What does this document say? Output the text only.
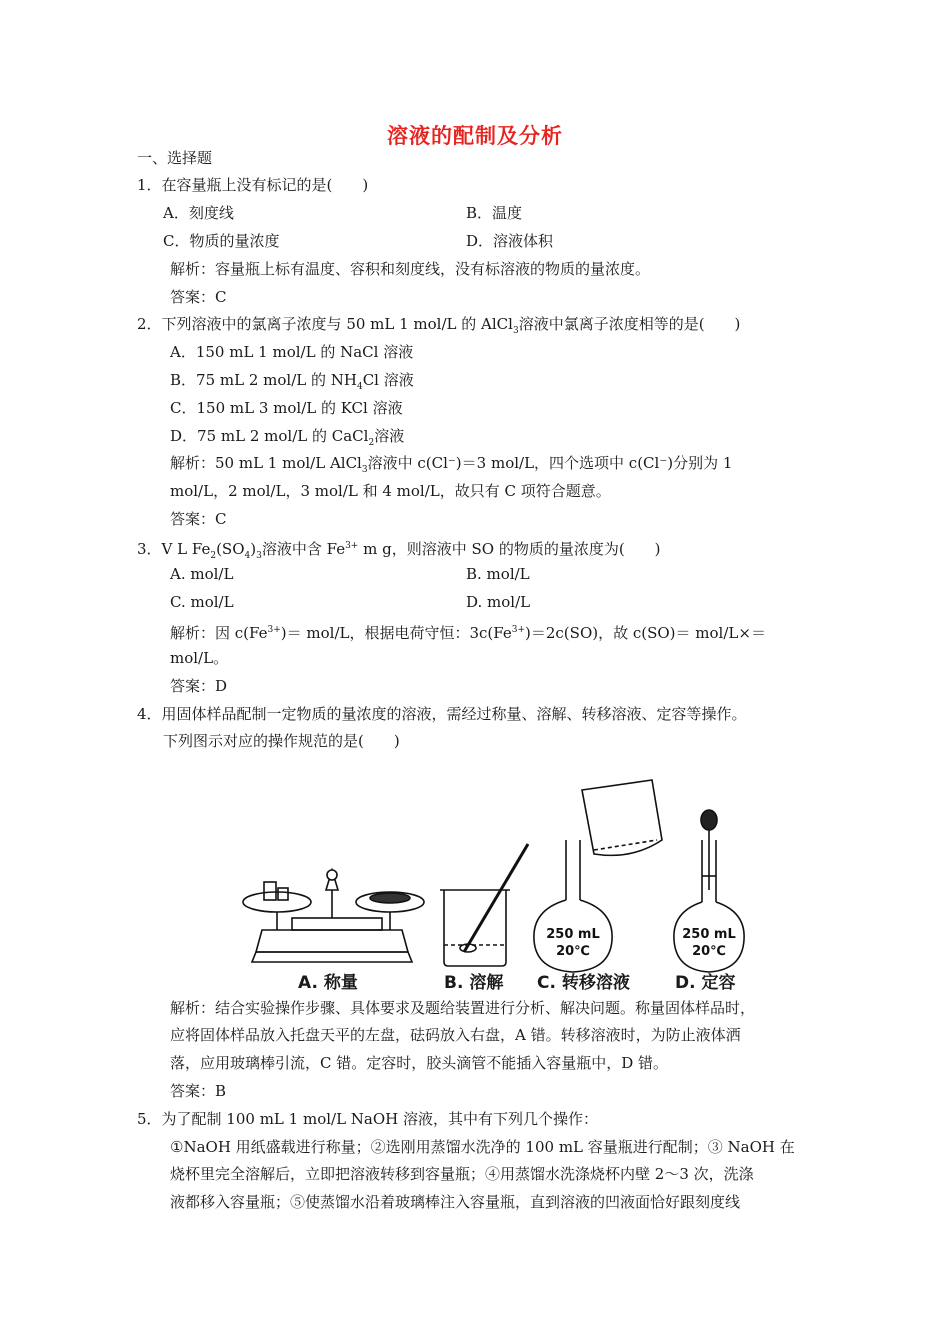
溶液的配制及分析
一、选择题
1．在容量瓶上没有标记的是(　　)
A．刻度线	B．温度
C．物质的量浓度	D．溶液体积
解析：容量瓶上标有温度、容积和刻度线，没有标溶液的物质的量浓度。
答案：C
2．下列溶液中的氯离子浓度与 50 mL 1 mol/L 的 AlCl$_3$溶液中氯离子浓度相等的是(　　)
A．150 mL 1 mol/L 的 NaCl 溶液
B．75 mL 2 mol/L 的 $NH_4Cl$ 溶液
C．150 mL 3 mol/L 的 KCl 溶液
D．75 mL 2 mol/L 的 CaCl$_2$溶液
解析：50 mL 1 mol/L AlCl$_3$溶液中 c(Cl⁻)＝3 mol/L，四个选项中 c(Cl⁻)分别为 1
mol/L，2 mol/L，3 mol/L 和 4 mol/L，故只有 C 项符合题意。
答案：C
3．V L $Fe_2(SO_4)_3$溶液中含 $Fe^{3+}$ m g，则溶液中 SO 的物质的量浓度为(　　)
A. mol/L	B. mol/L
C. mol/L	D. mol/L
解析：因 $c(Fe^{3+})= mol/L$，根据电荷守恒：$3c(Fe^{3+})=2c(SO)$，故 c(SO)＝ mol/L×＝
mol/L。
答案：D
4．用固体样品配制一定物质的量浓度的溶液，需经过称量、溶解、转移溶液、定容等操作。
下列图示对应的操作规范的是(　　)
250 mL
20℃
250 mL
20℃
A. 称量	B. 溶解 C. 转移溶液	D. 定容
解析：结合实验操作步骤、具体要求及题给装置进行分析、解决问题。称量固体样品时，
应将固体样品放入托盘天平的左盘，砝码放入右盘，A 错。转移溶液时，为防止液体洒
落，应用玻璃棒引流，C 错。定容时，胶头滴管不能插入容量瓶中，D 错。
答案：B
5．为了配制 100 mL 1 mol/L NaOH 溶液，其中有下列几个操作：
①NaOH 用纸盛载进行称量；②选刚用蒸馏水洗净的 100 mL 容量瓶进行配制；③ NaOH 在
烧杯里完全溶解后，立即把溶液转移到容量瓶；④用蒸馏水洗涤烧杯内壁 2～3 次，洗涤
液都移入容量瓶；⑤使蒸馏水沿着玻璃棒注入容量瓶，直到溶液的凹液面恰好跟刻度线
